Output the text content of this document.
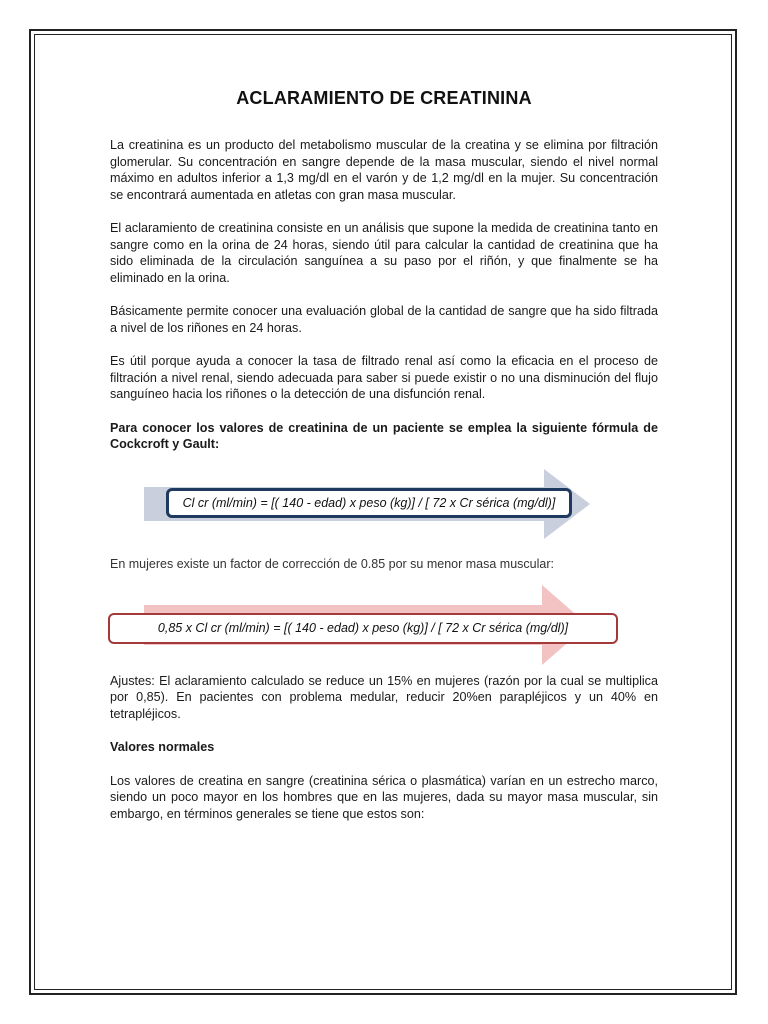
ACLARAMIENTO DE CREATININA

La creatinina es un producto del metabolismo muscular de la creatina y se elimina por filtración glomerular. Su concentración en sangre depende de la masa muscular, siendo el nivel normal máximo en adultos inferior a 1,3 mg/dl en el varón y de 1,2 mg/dl en la mujer. Su concentración se encontrará aumentada en atletas con gran masa muscular.

El aclaramiento de creatinina consiste en un análisis que supone la medida de creatinina tanto en sangre como en la orina de 24 horas, siendo útil para calcular la cantidad de creatinina que ha sido eliminada de la circulación sanguínea a su paso por el riñón, y que finalmente se ha eliminado en la orina.

Básicamente permite conocer una evaluación global de la cantidad de sangre que ha sido filtrada a nivel de los riñones en 24 horas.

Es útil porque ayuda a conocer la tasa de filtrado renal así como la eficacia en el proceso de filtración a nivel renal, siendo adecuada para saber si puede existir o no una disminución del flujo sanguíneo hacia los riñones o la detección de una disfunción renal.

Para conocer los valores de creatinina de un paciente se emplea la siguiente fórmula de Cockcroft y Gault:

Cl cr (ml/min) = [( 140 - edad) x peso (kg)] / [ 72 x Cr sérica (mg/dl)]
En mujeres existe un factor de corrección de 0.85 por su menor masa muscular:
0,85 x Cl cr (ml/min) = [( 140 - edad) x peso (kg)] / [ 72 x Cr sérica (mg/dl)]

Ajustes: El aclaramiento calculado se reduce un 15% en mujeres (razón por la cual se multiplica por 0,85). En pacientes con problema medular, reducir 20%en parapléjicos y un 40% en tetrapléjicos.

Valores normales

Los valores de creatina en sangre (creatinina sérica o plasmática) varían en un estrecho marco, siendo un poco mayor en los hombres que en las mujeres, dada su mayor masa muscular, sin embargo, en términos generales se tiene que estos son:
